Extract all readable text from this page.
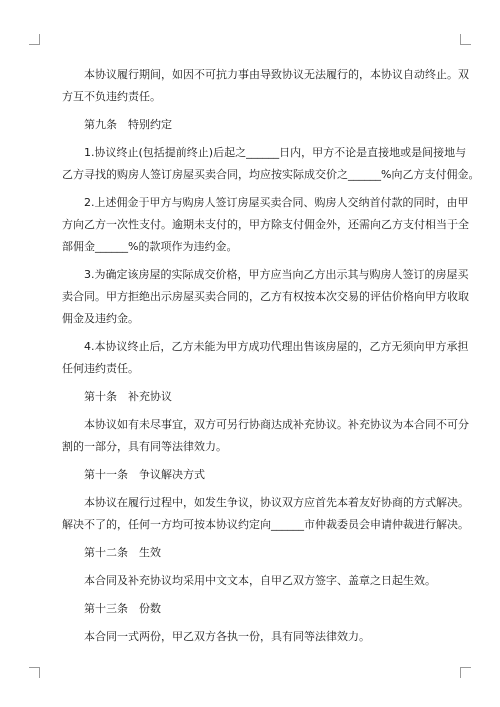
　　本协议履行期间，如因不可抗力事由导致协议无法履行的，本协议自动终止。双

方互不负违约责任。

　　第九条　特别约定

　　1.协议终止(包括提前终止)后起之______日内，甲方不论是直接地或是间接地与

乙方寻找的购房人签订房屋买卖合同，均应按实际成交价之______%向乙方支付佣金。

　　2.上述佣金于甲方与购房人签订房屋买卖合同、购房人交纳首付款的同时，由甲

方向乙方一次性支付。逾期未支付的，甲方除支付佣金外，还需向乙方支付相当于全

部佣金______%的款项作为违约金。

　　3.为确定该房屋的实际成交价格，甲方应当向乙方出示其与购房人签订的房屋买

卖合同。甲方拒绝出示房屋买卖合同的，乙方有权按本次交易的评估价格向甲方收取

佣金及违约金。

　　4.本协议终止后，乙方未能为甲方成功代理出售该房屋的，乙方无须向甲方承担

任何违约责任。

　　第十条　补充协议

　　本协议如有未尽事宜，双方可另行协商达成补充协议。补充协议为本合同不可分

割的一部分，具有同等法律效力。

　　第十一条　争议解决方式

　　本协议在履行过程中，如发生争议，协议双方应首先本着友好协商的方式解决。

解决不了的，任何一方均可按本协议约定向______市仲裁委员会申请仲裁进行解决。

　　第十二条　生效

　　本合同及补充协议均采用中文文本，自甲乙双方签字、盖章之日起生效。

　　第十三条　份数

　　本合同一式两份，甲乙双方各执一份，具有同等法律效力。
